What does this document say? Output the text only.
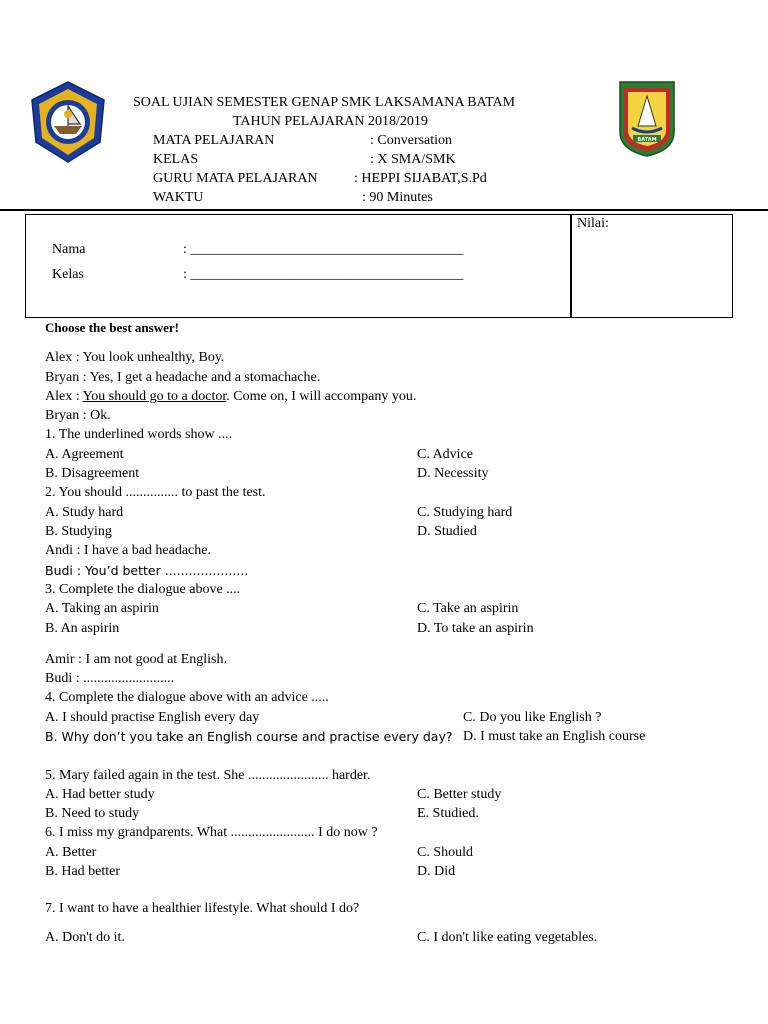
BATAM
SOAL UJIAN SEMESTER GENAP SMK LAKSAMANA BATAM
TAHUN PELAJARAN 2018/2019
MATA PELAJARAN	: Conversation
KELAS	: X SMA/SMK
GURU MATA PELAJARAN	: HEPPI SIJABAT,S.Pd
WAKTU	: 90 Minutes
Nama	: _______________________________________
Kelas	: _______________________________________
Nilai:
Choose the best answer!
Alex : You look unhealthy, Boy.
Bryan : Yes, I get a headache and a stomachache.
Alex : You should go to a doctor. Come on, I will accompany you.
Bryan : Ok.
1. The underlined words show ....
A. Agreement	C. Advice
B. Disagreement	D. Necessity
2. You should ............... to past the test.
A. Study hard	C. Studying hard
B. Studying	D. Studied
Andi : I have a bad headache.
Budi : You’d better .....................
3. Complete the dialogue above ....
A. Taking an aspirin	C. Take an aspirin
B. An aspirin	D. To take an aspirin
Amir : I am not good at English.
Budi : ..........................
4. Complete the dialogue above with an advice .....
A. I should practise English every day	C. Do you like English ?
B. Why don’t you take an English course and practise every day? D. I must take an English course
5. Mary failed again in the test. She ....................... harder.
A. Had better study	C. Better study
B. Need to study	E. Studied.
6. I miss my grandparents. What ........................ I do now ?
A. Better	C. Should
B. Had better	D. Did
7. I want to have a healthier lifestyle. What should I do?
A. Don't do it.	C. I don't like eating vegetables.
